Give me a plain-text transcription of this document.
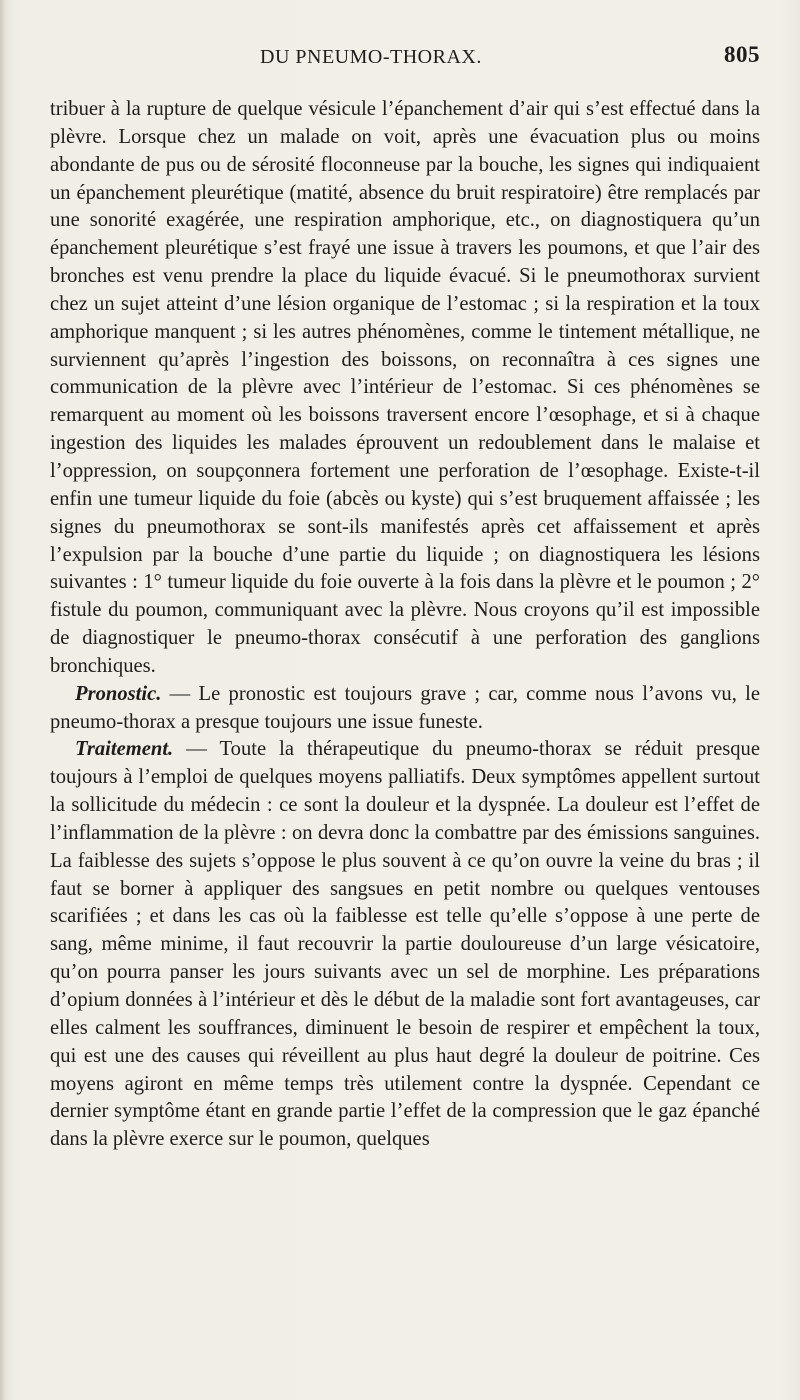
DU PNEUMO-THORAX.	805

tribuer à la rupture de quelque vésicule l’épanchement d’air qui s’est effectué dans la plèvre. Lorsque chez un malade on voit, après une évacuation plus ou moins abondante de pus ou de sérosité floconneuse par la bouche, les signes qui indiquaient un épanchement pleurétique (matité, absence du bruit respiratoire) être remplacés par une sonorité exagérée, une respiration amphorique, etc., on diagnostiquera qu’un épanchement pleurétique s’est frayé une issue à travers les poumons, et que l’air des bronches est venu prendre la place du liquide évacué. Si le pneumothorax survient chez un sujet atteint d’une lésion organique de l’estomac ; si la respiration et la toux amphorique manquent ; si les autres phénomènes, comme le tintement métallique, ne surviennent qu’après l’ingestion des boissons, on reconnaîtra à ces signes une communication de la plèvre avec l’intérieur de l’estomac. Si ces phénomènes se remarquent au moment où les boissons traversent encore l’œsophage, et si à chaque ingestion des liquides les malades éprouvent un redoublement dans le malaise et l’oppression, on soupçonnera fortement une perforation de l’œsophage. Existe-t-il enfin une tumeur liquide du foie (abcès ou kyste) qui s’est bruquement affaissée ; les signes du pneumothorax se sont-ils manifestés après cet affaissement et après l’expulsion par la bouche d’une partie du liquide ; on diagnostiquera les lésions suivantes : 1° tumeur liquide du foie ouverte à la fois dans la plèvre et le poumon ; 2° fistule du poumon, communiquant avec la plèvre. Nous croyons qu’il est impossible de diagnostiquer le pneumo-thorax consécutif à une perforation des ganglions bronchiques.

Pronostic. — Le pronostic est toujours grave ; car, comme nous l’avons vu, le pneumo-thorax a presque toujours une issue funeste.

Traitement. — Toute la thérapeutique du pneumo-thorax se réduit presque toujours à l’emploi de quelques moyens palliatifs. Deux symptômes appellent surtout la sollicitude du médecin : ce sont la douleur et la dyspnée. La douleur est l’effet de l’inflammation de la plèvre : on devra donc la combattre par des émissions sanguines. La faiblesse des sujets s’oppose le plus souvent à ce qu’on ouvre la veine du bras ; il faut se borner à appliquer des sangsues en petit nombre ou quelques ventouses scarifiées ; et dans les cas où la faiblesse est telle qu’elle s’oppose à une perte de sang, même minime, il faut recouvrir la partie douloureuse d’un large vésicatoire, qu’on pourra panser les jours suivants avec un sel de morphine. Les préparations d’opium données à l’intérieur et dès le début de la maladie sont fort avantageuses, car elles calment les souffrances, diminuent le besoin de respirer et empêchent la toux, qui est une des causes qui réveillent au plus haut degré la douleur de poitrine. Ces moyens agiront en même temps très utilement contre la dyspnée. Cependant ce dernier symptôme étant en grande partie l’effet de la compression que le gaz épanché dans la plèvre exerce sur le poumon, quelques
